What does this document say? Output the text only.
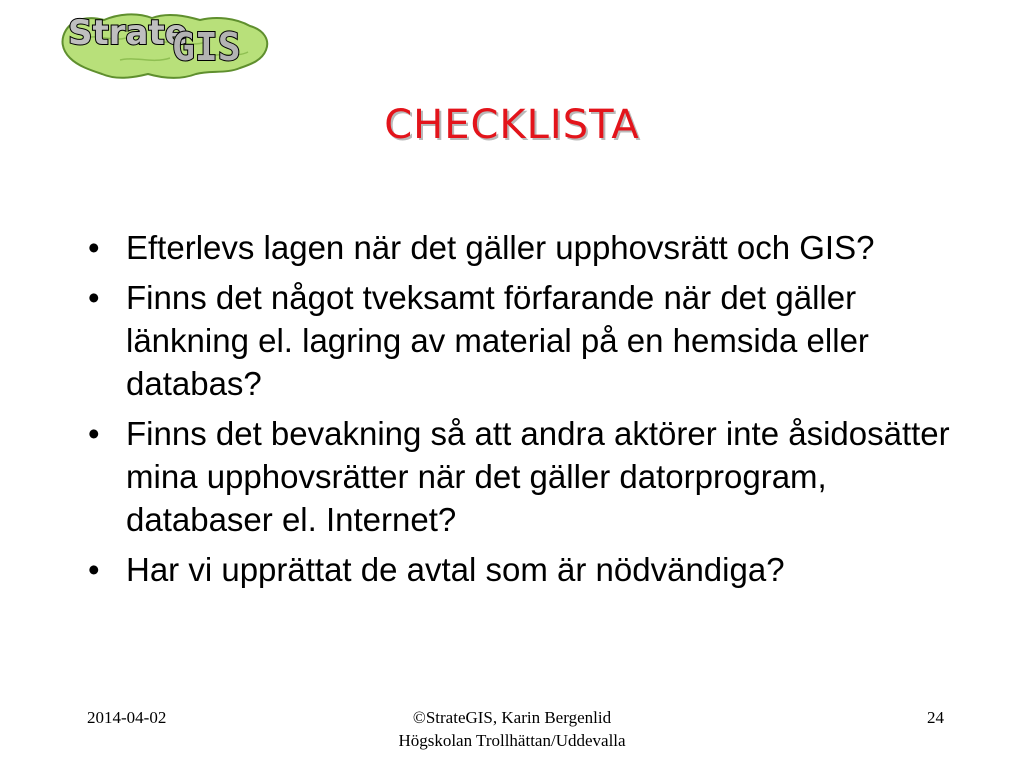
Strate
GIS
CHECKLISTA
• Efterlevs lagen när det gäller upphovsrätt och GIS?
• Finns det något tveksamt förfarande när det gäller länkning el. lagring av material på en hemsida eller databas?
• Finns det bevakning så att andra aktörer inte åsidosätter mina upphovsrätter när det gäller datorprogram, databaser el. Internet?
• Har vi upprättat de avtal som är nödvändiga?
2014-04-02	©StrateGIS, Karin Bergenlid
Högskolan Trollhättan/Uddevalla
24
